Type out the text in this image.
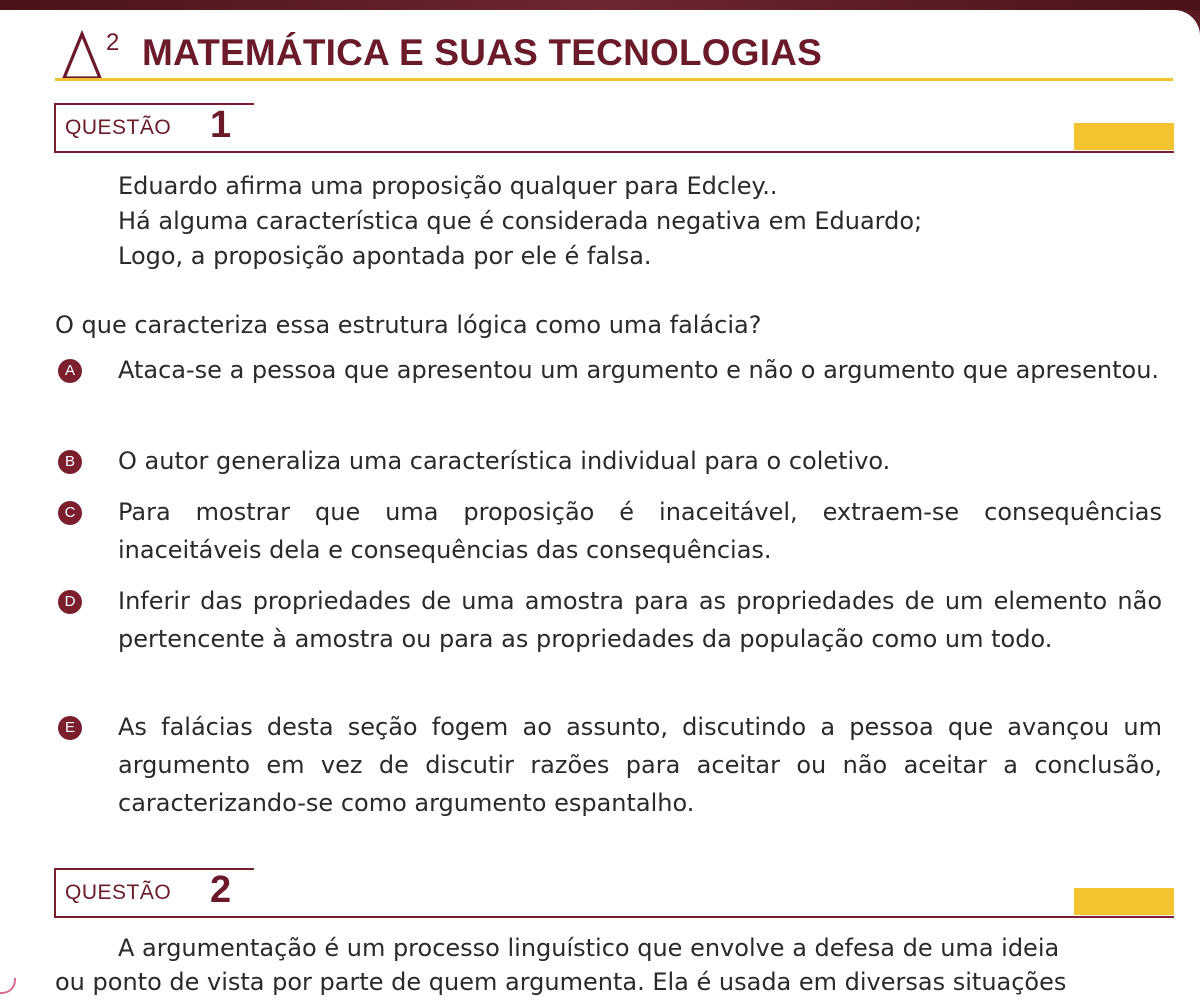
2 MATEMÁTICA E SUAS TECNOLOGIAS
QUESTÃO 1
Eduardo afirma uma proposição qualquer para Edcley..
Há alguma característica que é considerada negativa em Eduardo;
Logo, a proposição apontada por ele é falsa.
O que caracteriza essa estrutura lógica como uma falácia?
A Ataca-se a pessoa que apresentou um argumento e não o argumento que apresentou.
B O autor generaliza uma característica individual para o coletivo.
C Para mostrar que uma proposição é inaceitável, extraem-se consequências inaceitáveis dela e consequências das consequências.
D Inferir das propriedades de uma amostra para as propriedades de um elemento não pertencente à amostra ou para as propriedades da população como um todo.
E As falácias desta seção fogem ao assunto, discutindo a pessoa que avançou um argumento em vez de discutir razões para aceitar ou não aceitar a conclusão, caracterizando-se como argumento espantalho.
QUESTÃO 2
A argumentação é um processo linguístico que envolve a defesa de uma ideia
ou ponto de vista por parte de quem argumenta. Ela é usada em diversas situações
